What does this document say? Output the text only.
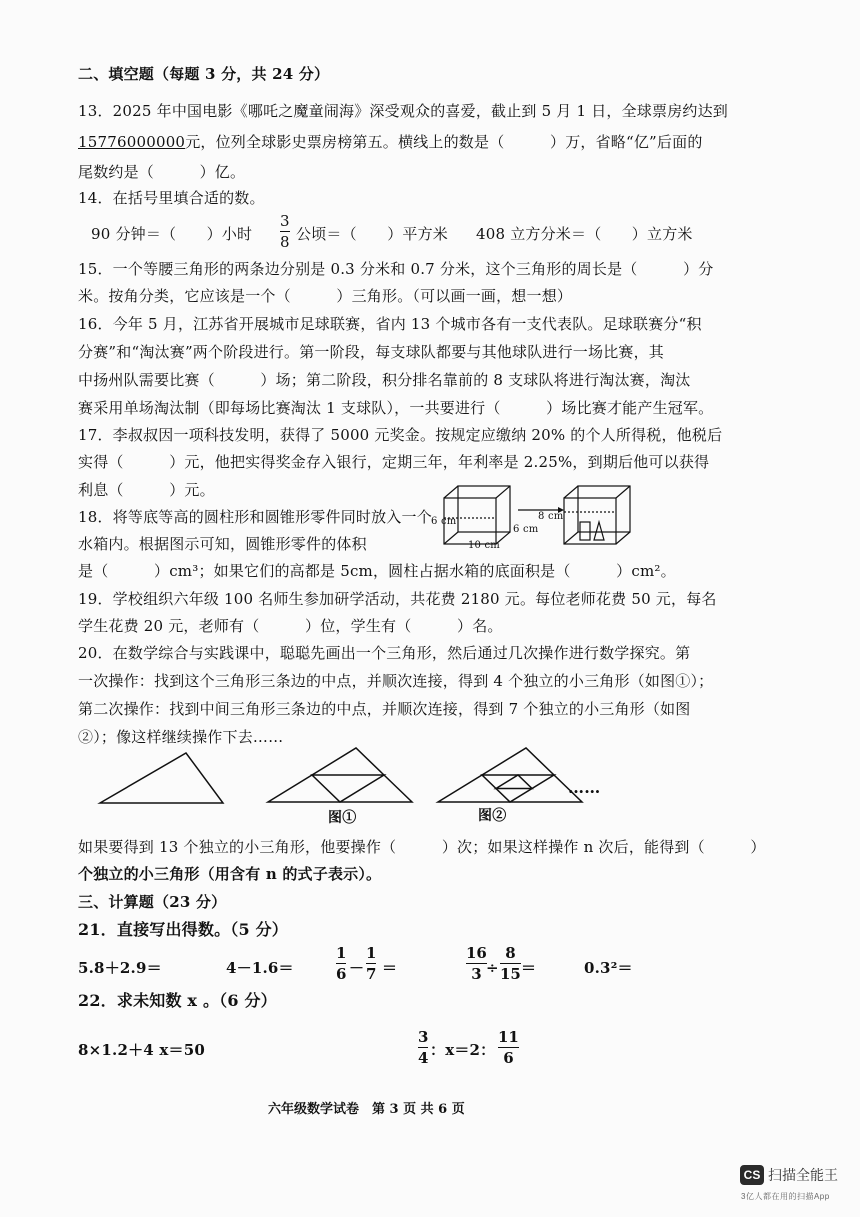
二、填空题（每题 3 分，共 24 分）
13．2025 年中国电影《哪吒之魔童闹海》深受观众的喜爱，截止到 5 月 1 日，全球票房约达到
15776000000元，位列全球影史票房榜第五。横线上的数是（　　　）万，省略“亿”后面的
尾数约是（　　　）亿。
14．在括号里填合适的数。
90 分钟＝（　　）小时
3
8 公顷＝（　　）平方米 408 立方分米＝（　　）立方米
15．一个等腰三角形的两条边分别是 0.3 分米和 0.7 分米，这个三角形的周长是（　　　）分
米。按角分类，它应该是一个（　　　）三角形。（可以画一画，想一想）
16．今年 5 月，江苏省开展城市足球联赛，省内 13 个城市各有一支代表队。足球联赛分“积
分赛”和“淘汰赛”两个阶段进行。第一阶段，每支球队都要与其他球队进行一场比赛，其
中扬州队需要比赛（　　　）场；第二阶段，积分排名靠前的 8 支球队将进行淘汰赛，淘汰
赛采用单场淘汰制（即每场比赛淘汰 1 支球队），一共要进行（　　　）场比赛才能产生冠军。
17．李叔叔因一项科技发明，获得了 5000 元奖金。按规定应缴纳 20% 的个人所得税，他税后
实得（　　　）元，他把实得奖金存入银行，定期三年，年利率是 2.25%，到期后他可以获得
利息（　　　）元。
18．将等底等高的圆柱形和圆锥形零件同时放入一个
水箱内。根据图示可知，圆锥形零件的体积
是（　　　）cm³；如果它们的高都是 5cm，圆柱占据水箱的底面积是（　　　）cm²。
6 cm
6 cm
10 cm
8 cm
19．学校组织六年级 100 名师生参加研学活动，共花费 2180 元。每位老师花费 50 元，每名
学生花费 20 元，老师有（　　　）位，学生有（　　　）名。
20．在数学综合与实践课中，聪聪先画出一个三角形，然后通过几次操作进行数学探究。第
一次操作：找到这个三角形三条边的中点，并顺次连接，得到 4 个独立的小三角形（如图①）；
第二次操作：找到中间三角形三条边的中点，并顺次连接，得到 7 个独立的小三角形（如图
②）；像这样继续操作下去……
图①	图②
……
如果要得到 13 个独立的小三角形，他要操作（　　　）次；如果这样操作 n 次后，能得到（　　　）
个独立的小三角形（用含有 n 的式子表示）。
三、计算题（23 分）
21．直接写出得数。（5 分）
5.8＋2.9＝	4－1.6＝
1
6 －
1
7 ＝
16
3 ÷
8
15 ＝	0.3²＝
22．求未知数 x 。（6 分）
8×1.2＋4 x＝50
3
4 ：x＝2：
11
6
六年级数学试卷　第 3 页 共 6 页
CS 扫描全能王
3亿人都在用的扫描App
